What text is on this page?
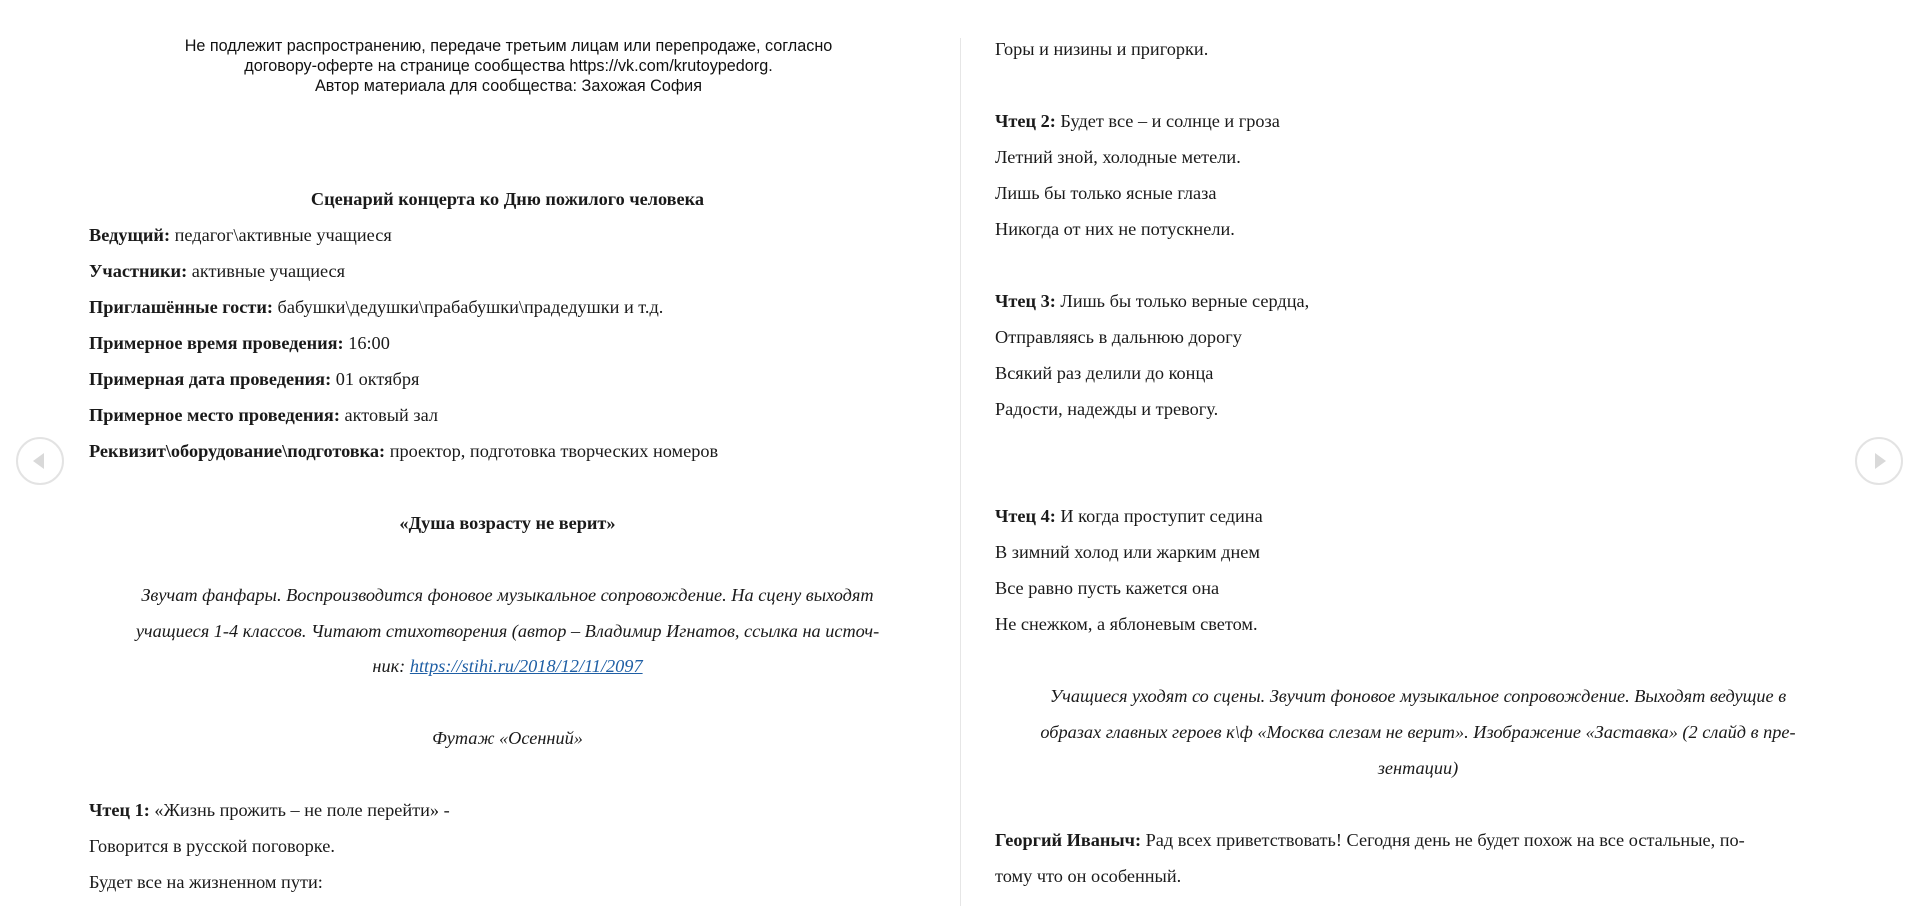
Не подлежит распространению, передаче третьим лицам или перепродаже, согласно
договору-оферте на странице сообщества https://vk.com/krutoypedorg.
Автор материала для сообщества: Захожая София
Сценарий концерта ко Дню пожилого человека
Ведущий: педагог\активные учащиеся
Участники: активные учащиеся
Приглашённые гости: бабушки\дедушки\прабабушки\прадедушки и т.д.
Примерное время проведения: 16:00
Примерная дата проведения: 01 октября
Примерное место проведения: актовый зал
Реквизит\оборудование\подготовка: проектор, подготовка творческих номеров
«Душа возрасту не верит»
Звучат фанфары. Воспроизводится фоновое музыкальное сопровождение. На сцену выходят
учащиеся 1-4 классов. Читают стихотворения (автор – Владимир Игнатов, ссылка на источ-
ник: https://stihi.ru/2018/12/11/2097
Футаж «Осенний»
Чтец 1: «Жизнь прожить – не поле перейти» -
Говорится в русской поговорке.
Будет все на жизненном пути:
Горы и низины и пригорки.
Чтец 2: Будет все – и солнце и гроза
Летний зной, холодные метели.
Лишь бы только ясные глаза
Никогда от них не потускнели.
Чтец 3: Лишь бы только верные сердца,
Отправляясь в дальнюю дорогу
Всякий раз делили до конца
Радости, надежды и тревогу.
Чтец 4: И когда проступит седина
В зимний холод или жарким днем
Все равно пусть кажется она
Не снежком, а яблоневым светом.
Учащиеся уходят со сцены. Звучит фоновое музыкальное сопровождение. Выходят ведущие в
образах главных героев к\ф «Москва слезам не верит». Изображение «Заставка» (2 слайд в пре-
зентации)
Георгий Иваныч: Рад всех приветствовать! Сегодня день не будет похож на все остальные, по-
тому что он особенный.
